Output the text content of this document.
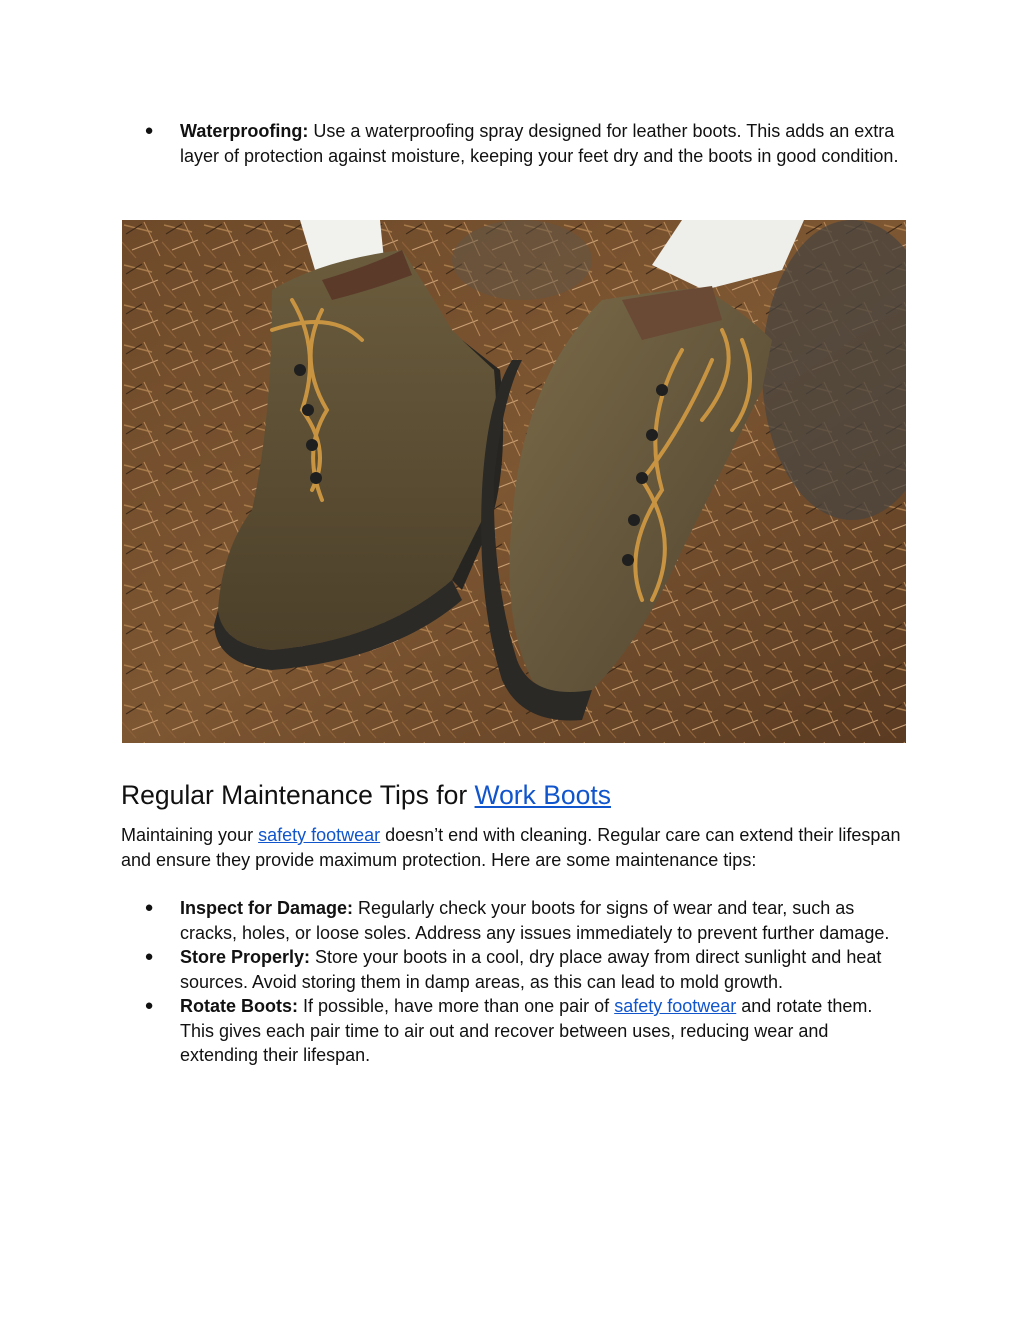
●	Waterproofing: Use a waterproofing spray designed for leather boots. This adds an extra layer of protection against moisture, keeping your feet dry and the boots in good condition.
Regular Maintenance Tips for Work Boots

Maintaining your safety footwear doesn’t end with cleaning. Regular care can extend their lifespan and ensure they provide maximum protection. Here are some maintenance tips:

●	Inspect for Damage: Regularly check your boots for signs of wear and tear, such as cracks, holes, or loose soles. Address any issues immediately to prevent further damage.
●	Store Properly: Store your boots in a cool, dry place away from direct sunlight and heat sources. Avoid storing them in damp areas, as this can lead to mold growth.
●	Rotate Boots: If possible, have more than one pair of safety footwear and rotate them. This gives each pair time to air out and recover between uses, reducing wear and extending their lifespan.
